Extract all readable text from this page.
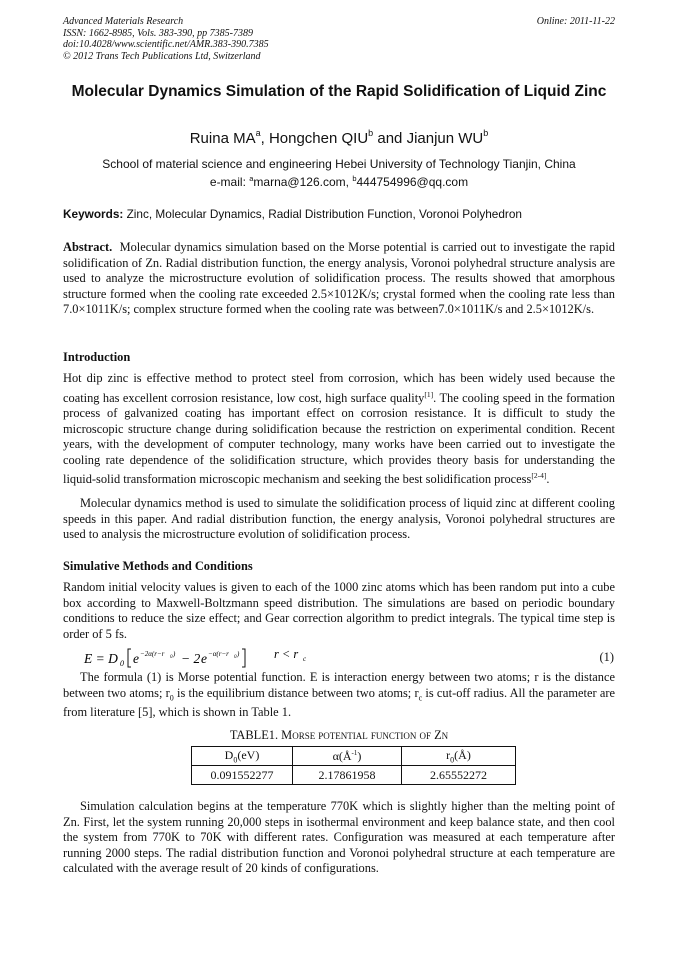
Advanced Materials Research
ISSN: 1662-8985, Vols. 383-390, pp 7385-7389
doi:10.4028/www.scientific.net/AMR.383-390.7385
© 2012 Trans Tech Publications Ltd, Switzerland
Online: 2011-11-22
Molecular Dynamics Simulation of the Rapid Solidification of Liquid Zinc
Ruina $MA^a$, Hongchen QIU$^b$ and Jianjun $WU^b$
School of material science and engineering Hebei University of Technology Tianjin, China
e-mail: $^a$marna@126.com, $^b$444754996@qq.com
Keywords: Zinc, Molecular Dynamics, Radial Distribution Function, Voronoi Polyhedron
Abstract. Molecular dynamics simulation based on the Morse potential is carried out to investigate the rapid solidification of Zn. Radial distribution function, the energy analysis, Voronoi polyhedral structure analysis are used to analyze the microstructure evolution of solidification process. The results showed that amorphous structure formed when the cooling rate exceeded 2.5×1012K/s; crystal formed when the cooling rate less than 7.0×1011K/s; complex structure formed when the cooling rate was between7.0×1011K/s and 2.5×1012K/s.
Introduction
Hot dip zinc is effective method to protect steel from corrosion, which has been widely used because the coating has excellent corrosion resistance, low cost, high surface quality[1]. The cooling speed in the formation process of galvanized coating has important effect on corrosion resistance. It is difficult to study the microscopic structure change during solidification because the restriction on experimental condition. Recent years, with the development of computer technology, many works have been carried out to investigate the cooling rate dependence of the solidification structure, which provides theory basis for understanding the liquid-solid transformation microscopic mechanism and seeking the best solidification process[2-4].
Molecular dynamics method is used to simulate the solidification process of liquid zinc at different cooling speeds in this paper. And radial distribution function, the energy analysis, Voronoi polyhedral structures are used to analysis the microstructure evolution of solidification process.
Simulative Methods and Conditions
Random initial velocity values is given to each of the 1000 zinc atoms which has been random put into a cube box according to Maxwell-Boltzmann speed distribution. The simulations are based on periodic boundary conditions to reduce the size effect; and Gear correction algorithm to predict integrals. The typical time step is order of 5 fs.
E = D 0 e −2α(r−r 0 ) − 2 e −α(r−r 0 )	r < r c	(1)
The formula (1) is Morse potential function. E is interaction energy between two atoms; r is the distance between two atoms; $r_0$ is the equilibrium distance between two atoms; $r_c$ is cut-off radius. All the parameter are from literature [5], which is shown in Table 1.
TABLE1. Morse potential function of Zn
$D_0(eV)$	$\alpha(Å^{-1})$	$r_0(Å)$
0.091552277	2.17861958	2.65552272
Simulation calculation begins at the temperature 770K which is slightly higher than the melting point of Zn. First, let the system running 20,000 steps in isothermal environment and keep balance state, and then cool the system from 770K to 70K with different rates. Configuration was measured at each temperature after running 2000 steps. The radial distribution function and Voronoi polyhedral structure at each temperature are calculated with the average result of 20 kinds of configurations.
